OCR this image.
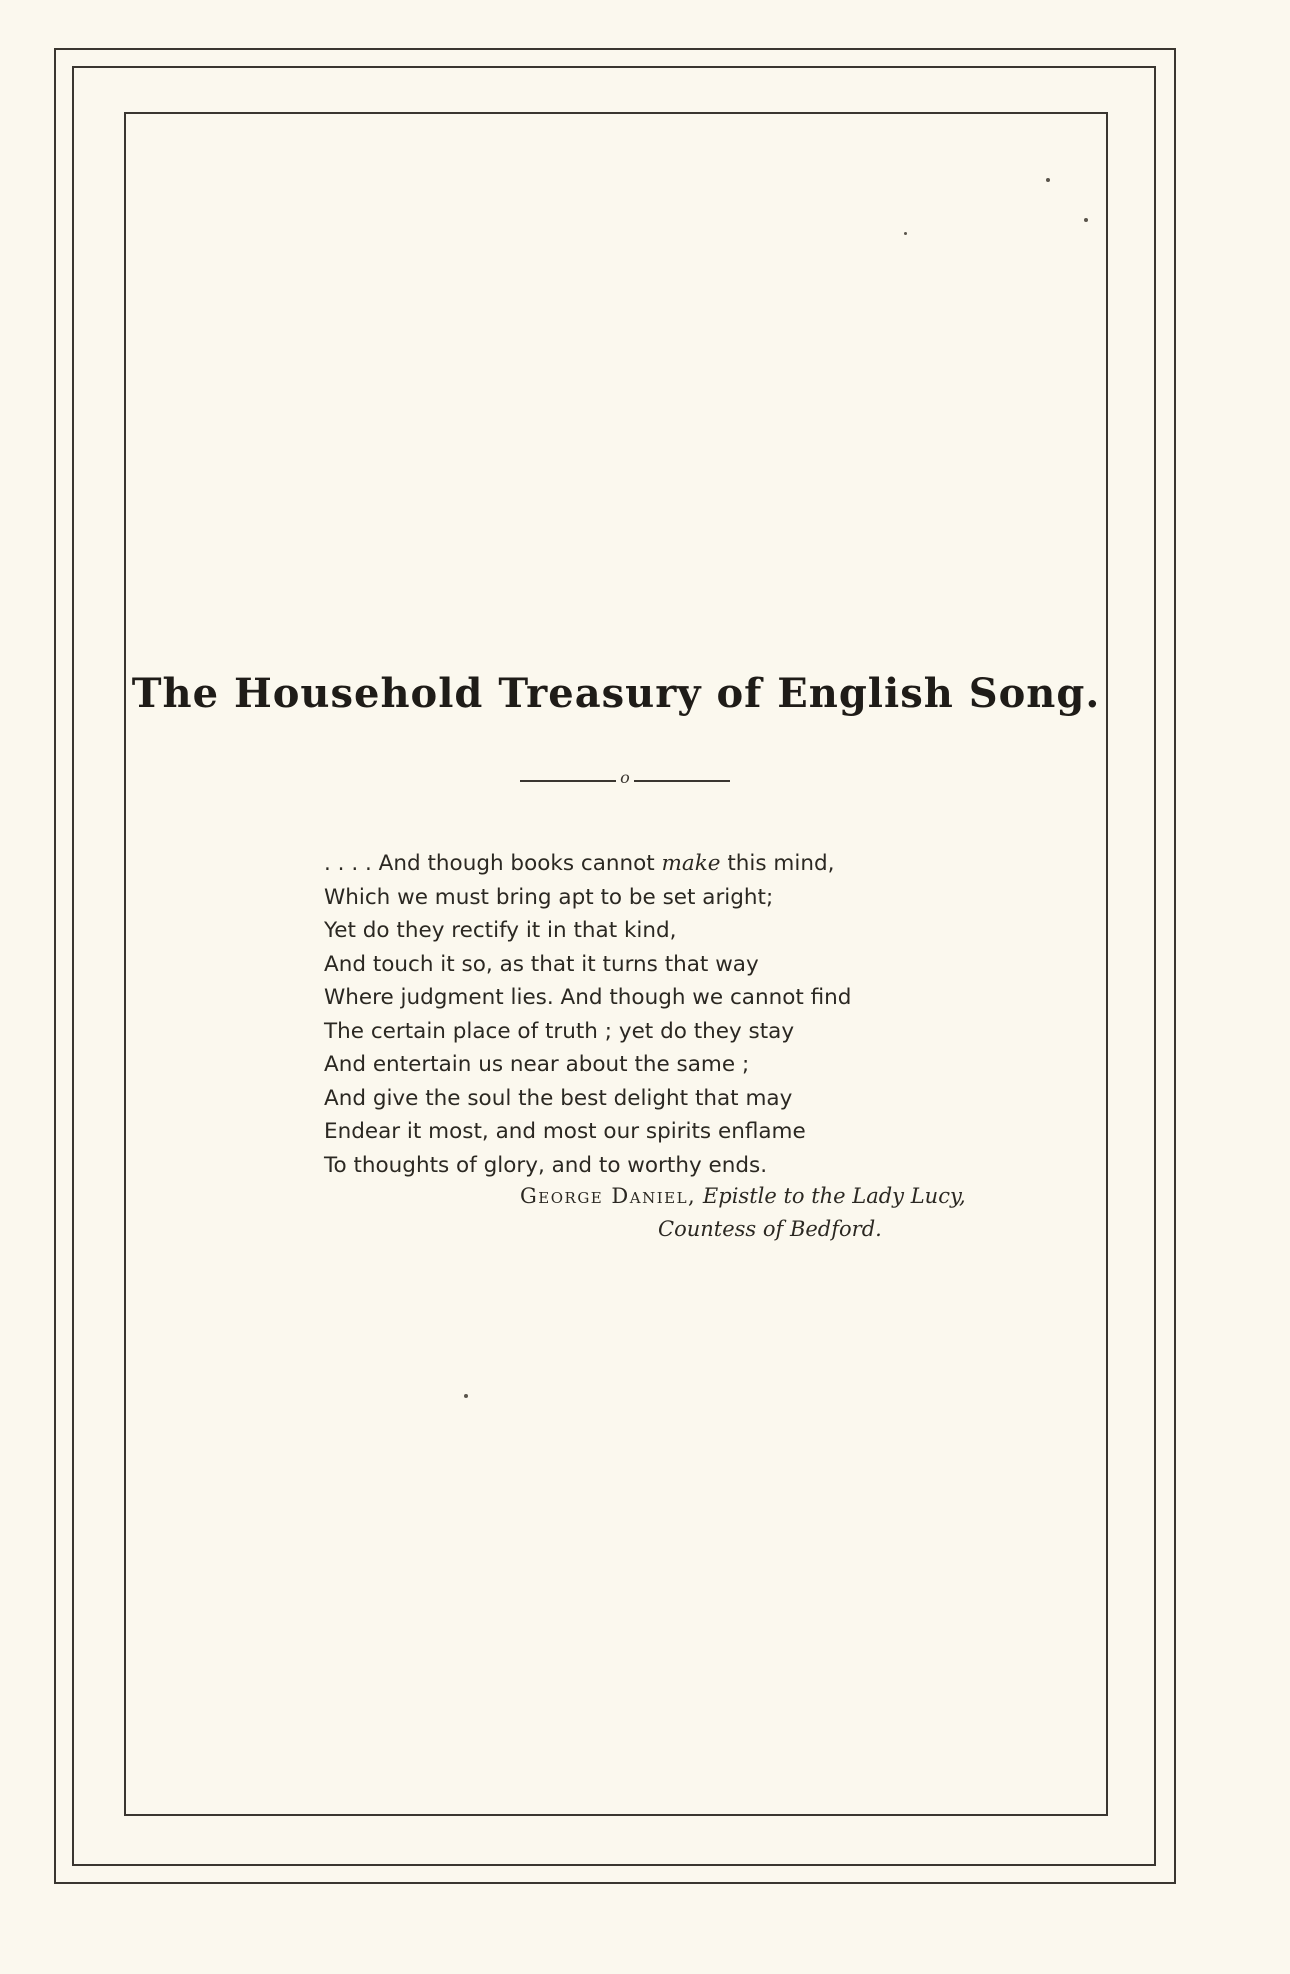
The Household Treasury of English Song.
o
. . . . And though books cannot make this mind,
Which we must bring apt to be set aright;
Yet do they rectify it in that kind,
And touch it so, as that it turns that way
Where judgment lies. And though we cannot find
The certain place of truth ; yet do they stay
And entertain us near about the same ;
And give the soul the best delight that may
Endear it most, and most our spirits enflame
To thoughts of glory, and to worthy ends.
George Daniel, Epistle to the Lady Lucy,
Countess of Bedford.
